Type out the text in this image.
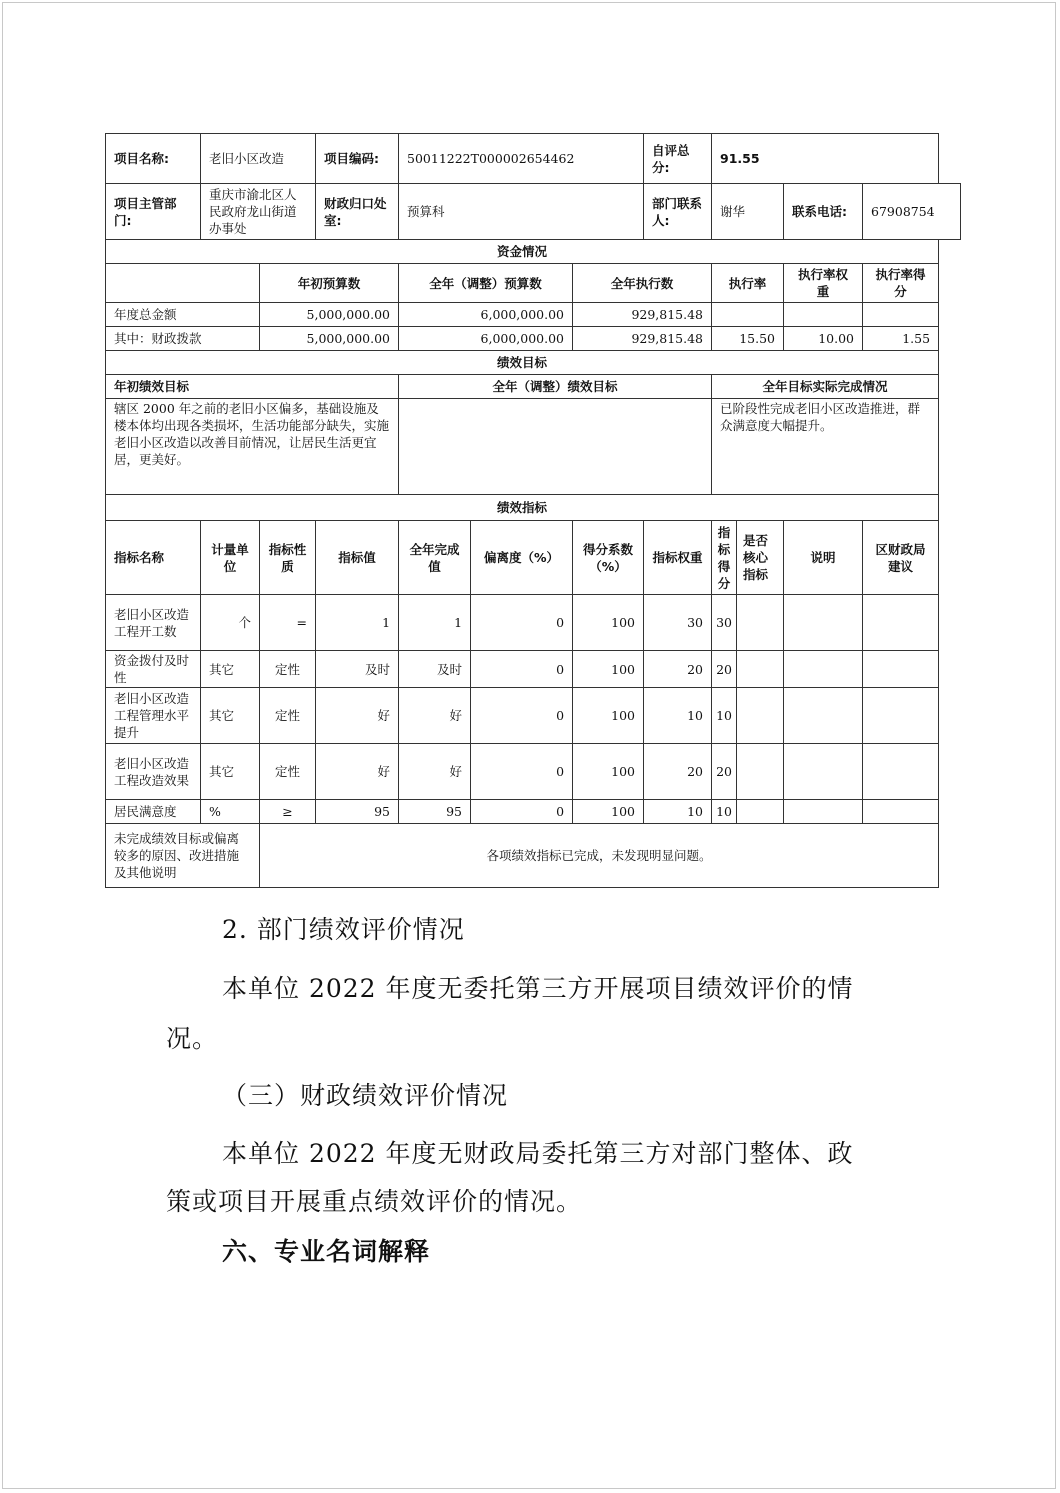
项目名称:	老旧小区改造		项目编码:	50011222T000002654462			自评总分:	91.55			
项目主管部门:	重庆市渝北区人民政府龙山街道办事处		财政归口处室:	预算科			部门联系人:	谢华		联系电话:	67908754
资金情况											
		年初预算数		全年（调整）预算数		全年执行数		执行率		执行率权重	执行率得分
年度总金额		5,000,000.00		6,000,000.00		929,815.48					
其中：财政拨款		5,000,000.00		6,000,000.00		929,815.48		15.50		10.00	1.55
绩效目标											
年初绩效目标				全年（调整）绩效目标				全年目标实际完成情况			
辖区 2000 年之前的老旧小区偏多，基础设施及楼本体均出现各类损坏，生活功能部分缺失，实施老旧小区改造以改善目前情况，让居民生活更宜居，更美好。								已阶段性完成老旧小区改造推进，群众满意度大幅提升。			
绩效指标											
指标名称	计量单位	指标性质	指标值	全年完成值	偏离度（%）	得分系数（%）	指标权重	指标得分	是否核心指标	说明	区财政局建议
老旧小区改造工程开工数	个	=	1	1	0	100	30	30			
资金拨付及时性	其它	定性	及时	及时	0	100	20	20			
老旧小区改造工程管理水平提升	其它	定性	好	好	0	100	10	10			
老旧小区改造工程改造效果	其它	定性	好	好	0	100	20	20			
居民满意度	%	≥	95	95	0	100	10	10			
未完成绩效目标或偏离较多的原因、改进措施及其他说明		各项绩效指标已完成，未发现明显问题。									
2. 部门绩效评价情况
本单位 2022 年度无委托第三方开展项目绩效评价的情
况。
（三）财政绩效评价情况
本单位 2022 年度无财政局委托第三方对部门整体、政
策或项目开展重点绩效评价的情况。
六、专业名词解释
